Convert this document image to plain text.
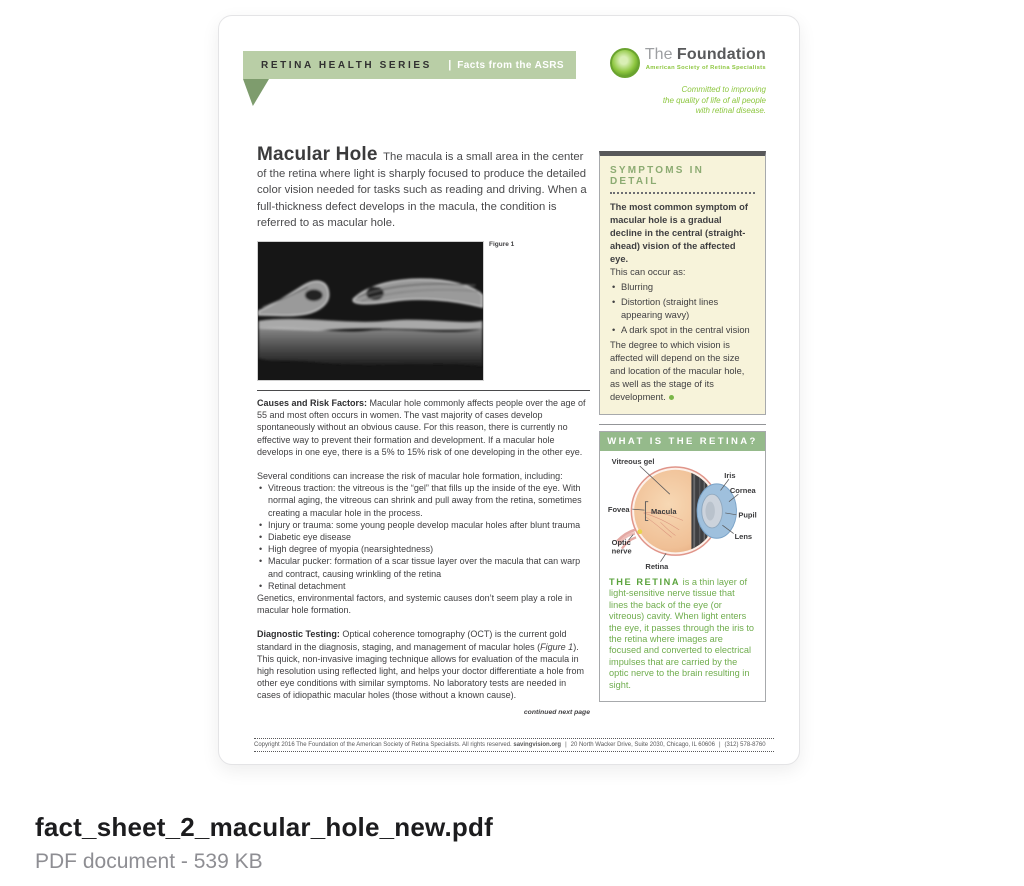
RETINA HEALTH SERIES | Facts from the ASRS
The Foundation
American Society of Retina Specialists
Committed to improving
the quality of life of all people
with retinal disease.

Macular Hole The macula is a small area in the center of the retina where light is sharply focused to produce the detailed color vision needed for tasks such as reading and driving. When a full-thickness defect develops in the macula, the condition is referred to as macular hole.

Figure 1

Causes and Risk Factors: Macular hole commonly affects people over the age of 55 and most often occurs in women. The vast majority of cases develop spontaneously without an obvious cause. For this reason, there is currently no effective way to prevent their formation and development. If a macular hole develops in one eye, there is a 5% to 15% risk of one developing in the other eye.

Several conditions can increase the risk of macular hole formation, including:

• Vitreous traction: the vitreous is the “gel” that fills up the inside of the eye. With normal aging, the vitreous can shrink and pull away from the retina, sometimes creating a macular hole in the process.
• Injury or trauma: some young people develop macular holes after blunt trauma
• Diabetic eye disease
• High degree of myopia (nearsightedness)
• Macular pucker: formation of a scar tissue layer over the macula that can warp and contract, causing wrinkling of the retina
• Retinal detachment

Genetics, environmental factors, and systemic causes don’t seem play a role in macular hole formation.

Diagnostic Testing: Optical coherence tomography (OCT) is the current gold standard in the diagnosis, staging, and management of macular holes (Figure 1). This quick, non-invasive imaging technique allows for evaluation of the macula in high resolution using reflected light, and helps your doctor differentiate a hole from other eye conditions with similar symptoms. No laboratory tests are needed in cases of idiopathic macular holes (those without a known cause).

continued next page
SYMPTOMS IN DETAIL

The most common symptom of macular hole is a gradual decline in the central (straight-ahead) vision of the affected eye.

This can occur as:

• Blurring
• Distortion (straight lines appearing wavy)
• A dark spot in the central vision

The degree to which vision is affected will depend on the size and location of the macular hole, as well as the stage of its development.

WHAT IS THE RETINA?
Vitreous gel
Iris
Cornea
Fovea	Macula	Pupil
Lens
Optic
nerve
Retina

THE RETINA is a thin layer of light-sensitive nerve tissue that lines the back of the eye (or vitreous) cavity. When light enters the eye, it passes through the iris to the retina where images are focused and converted to electrical impulses that are carried by the optic nerve to the brain resulting in sight.

Copyright 2016 The Foundation of the American Society of Retina Specialists. All rights reserved. savingvision.org | 20 North Wacker Drive, Suite 2030, Chicago, IL 60606 | (312) 578-8760
fact_sheet_2_macular_hole_new.pdf
PDF document - 539 KB
